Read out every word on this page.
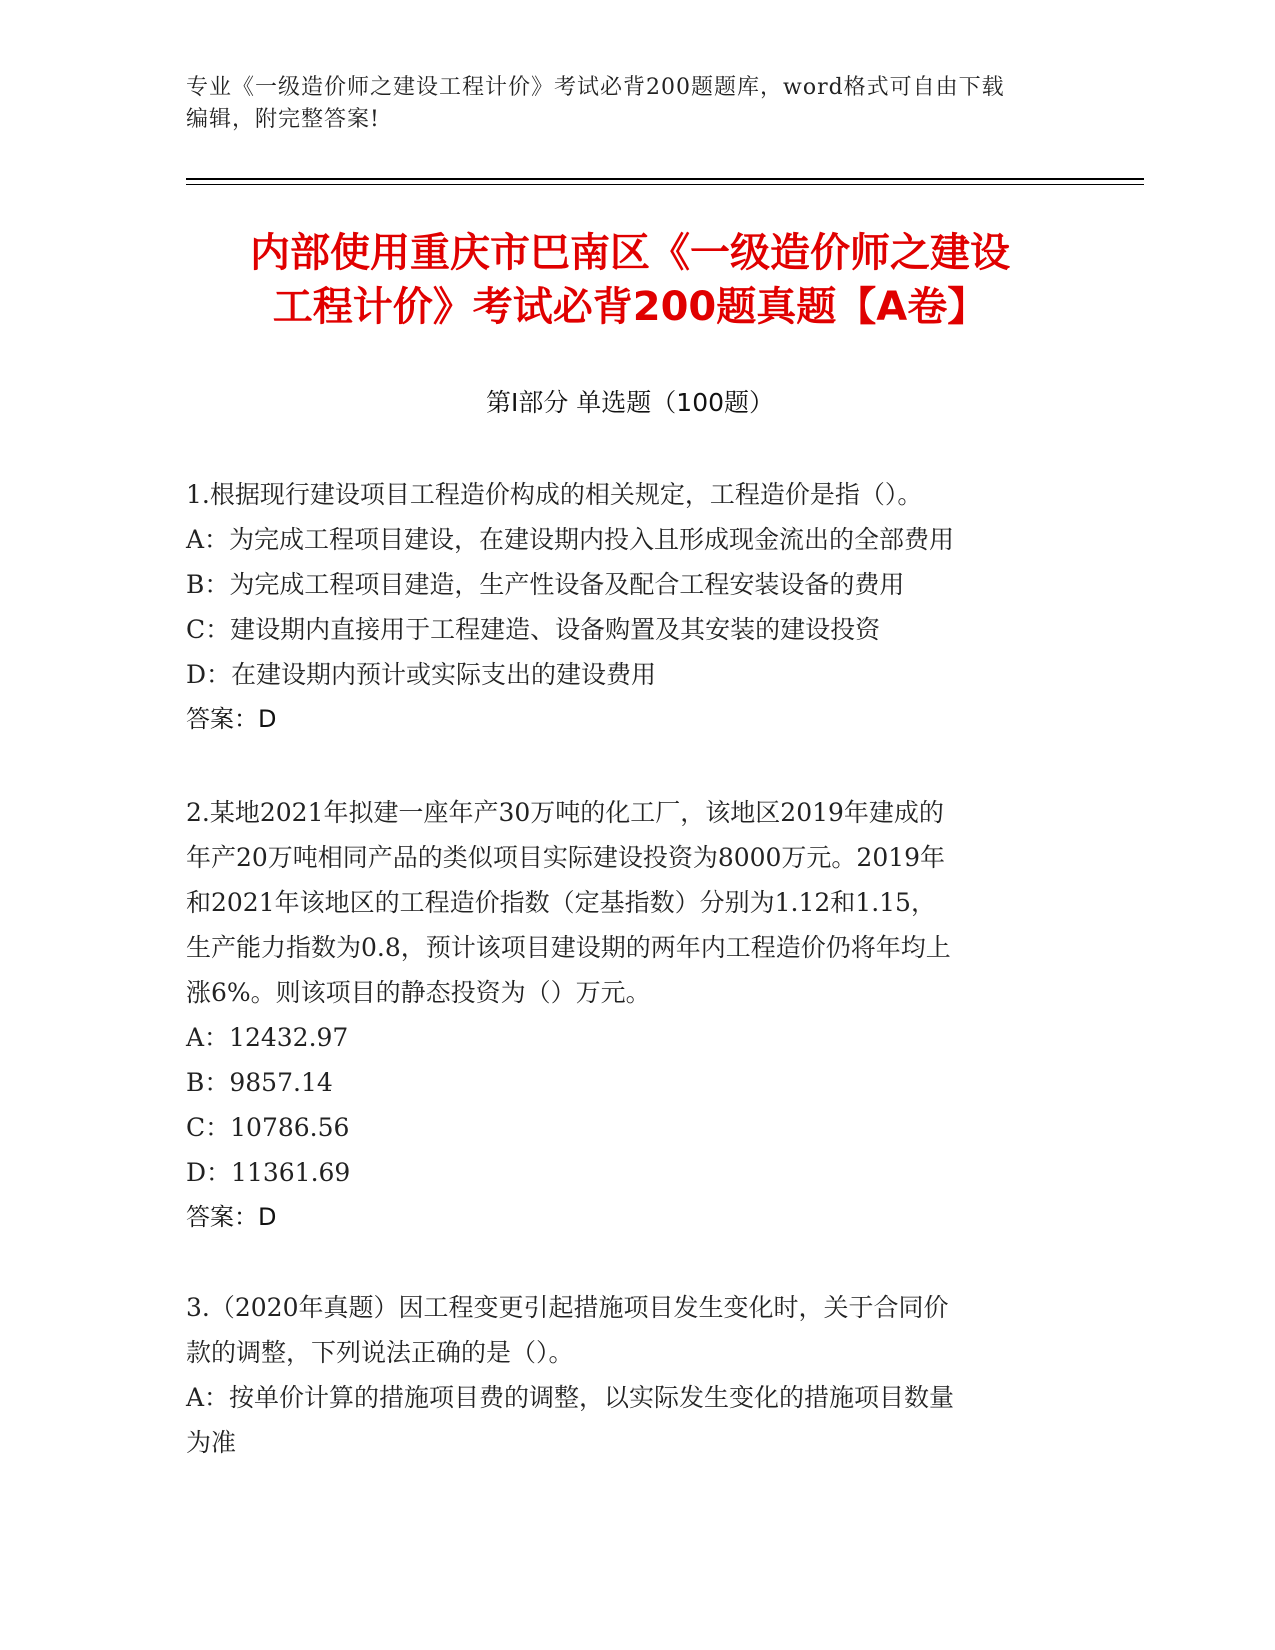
专业《一级造价师之建设工程计价》考试必背200题题库，word格式可自由下载
编辑，附完整答案!
内部使用重庆市巴南区《一级造价师之建设
工程计价》考试必背200题真题【A卷】
第I部分 单选题（100题）
1.根据现行建设项目工程造价构成的相关规定，工程造价是指（）。
A：为完成工程项目建设，在建设期内投入且形成现金流出的全部费用
B：为完成工程项目建造，生产性设备及配合工程安装设备的费用
C：建设期内直接用于工程建造、设备购置及其安装的建设投资
D：在建设期内预计或实际支出的建设费用
答案：D
2.某地2021年拟建一座年产30万吨的化工厂，该地区2019年建成的
年产20万吨相同产品的类似项目实际建设投资为8000万元。2019年
和2021年该地区的工程造价指数（定基指数）分别为1.12和1.15，
生产能力指数为0.8，预计该项目建设期的两年内工程造价仍将年均上
涨6%。则该项目的静态投资为（）万元。
A：12432.97
B：9857.14
C：10786.56
D：11361.69
答案：D
3.（2020年真题）因工程变更引起措施项目发生变化时，关于合同价
款的调整，下列说法正确的是（）。
A：按单价计算的措施项目费的调整，以实际发生变化的措施项目数量
为准
